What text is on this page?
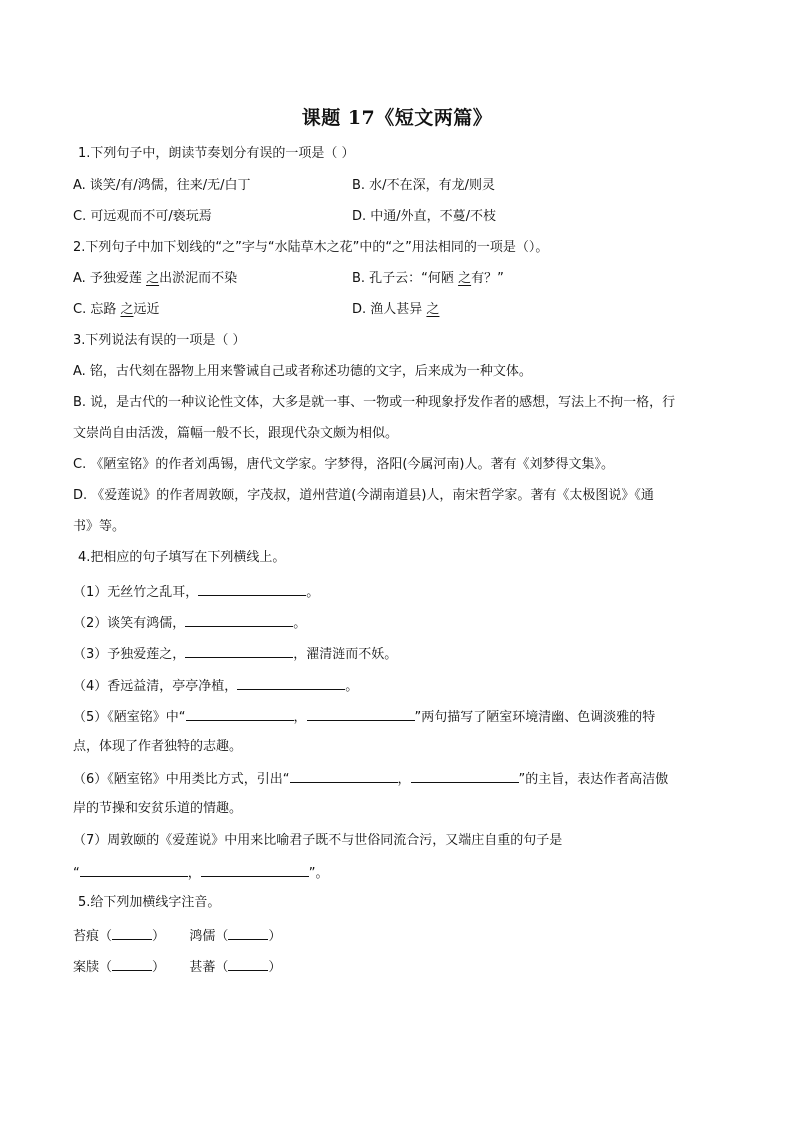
课题 17《短文两篇》
1.下列句子中，朗读节奏划分有误的一项是（ ）
A. 谈笑/有/鸿儒，往来/无/白丁	B. 水/不在深，有龙/则灵
C. 可远观而不可/亵玩焉	D. 中通/外直，不蔓/不枝
2.下列句子中加下划线的“之”字与“水陆草木之花”中的“之”用法相同的一项是（）。
A. 予独爱莲 之出淤泥而不染	B. 孔子云：“何陋 之有？”
C. 忘路 之远近	D. 渔人甚异 之
3.下列说法有误的一项是（ ）
A. 铭，古代刻在器物上用来警诫自己或者称述功德的文字，后来成为一种文体。
B. 说，是古代的一种议论性文体，大多是就一事、一物或一种现象抒发作者的感想，写法上不拘一格，行
文崇尚自由活泼，篇幅一般不长，跟现代杂文颇为相似。
C. 《陋室铭》的作者刘禹锡，唐代文学家。字梦得，洛阳(今属河南)人。著有《刘梦得文集》。
D. 《爱莲说》的作者周敦颐，字茂叔，道州营道(今湖南道县)人，南宋哲学家。著有《太极图说》《通
书》等。
4.把相应的句子填写在下列横线上。
（1）无丝竹之乱耳，	。
（2）谈笑有鸿儒，	。
（3）予独爱莲之，	，濯清涟而不妖。
（4）香远益清，亭亭净植，	。
（5）《陋室铭》中“	，	”两句描写了陋室环境清幽、色调淡雅的特
点，体现了作者独特的志趣。
（6）《陋室铭》中用类比方式，引出“	，	”的主旨，表达作者高洁傲
岸的节操和安贫乐道的情趣。
（7）周敦颐的《爱莲说》中用来比喻君子既不与世俗同流合污，又端庄自重的句子是
“	，	”。
5.给下列加横线字注音。
苔痕（	） 鸿儒（	）
案牍（	） 甚蕃（	）
